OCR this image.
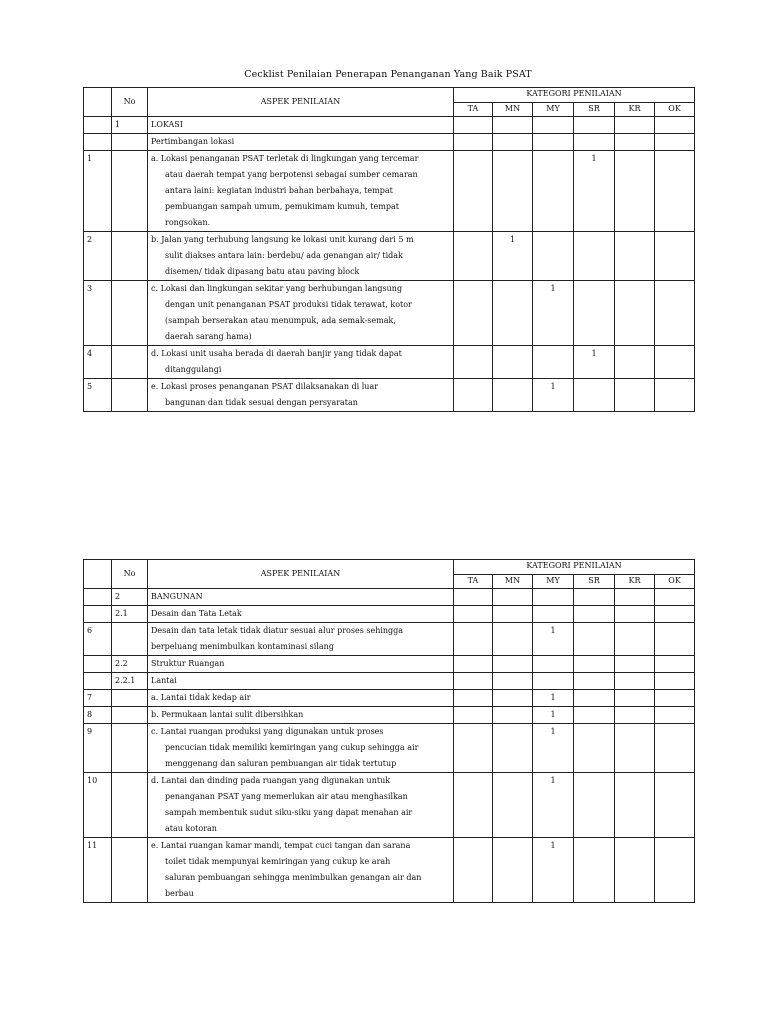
Cecklist Penilaian Penerapan Penanganan Yang Baik PSAT
	No	ASPEK PENILAIAN	KATEGORI PENILAIAN					
			TA	MN	MY	SR	KR	OK
	1	LOKASI						
		Pertimbangan lokasi						
1		a. Lokasi penanganan PSAT terletak di lingkungan yang tercemar
atau daerah tempat yang berpotensi sebagai sumber cemaran
antara laini: kegiatan industri bahan berbahaya, tempat
pembuangan sampah umum, pemukimam kumuh, tempat
rongsokan.				1		
2		b. Jalan yang terhubung langsung ke lokasi unit kurang dari 5 m
sulit diakses antara lain: berdebu/ ada genangan air/ tidak
disemen/ tidak dipasang batu atau paving block		1				
3		c. Lokasi dan lingkungan sekitar yang berhubungan langsung
dengan unit penanganan PSAT produksi tidak terawat, kotor
(sampah berserakan atau menumpuk, ada semak-semak,
daerah sarang hama)			1			
4		d. Lokasi unit usaha berada di daerah banjir yang tidak dapat
ditanggulangi				1		
5		e. Lokasi proses penanganan PSAT dilaksanakan di luar
bangunan dan tidak sesuai dengan persyaratan			1			
	No	ASPEK PENILAIAN	KATEGORI PENILAIAN					
			TA	MN	MY	SR	KR	OK
	2	BANGUNAN						
	2.1	Desain dan Tata Letak						
6		Desain dan tata letak tidak diatur sesuai alur proses sehingga
berpeluang menimbulkan kontaminasi silang			1			
	2.2	Struktur Ruangan						
	2.2.1	Lantai						
7		a. Lantai tidak kedap air			1			
8		b. Permukaan lantai sulit dibersihkan			1			
9		c. Lantai ruangan produksi yang digunakan untuk proses
pencucian tidak memiliki kemiringan yang cukup sehingga air
menggenang dan saluran pembuangan air tidak tertutup			1			
10		d. Lantai dan dinding pada ruangan yang digunakan untuk
penanganan PSAT yang memerlukan air atau menghasilkan
sampah membentuk sudut siku-siku yang dapat menahan air
atau kotoran			1			
11		e. Lantai ruangan kamar mandi, tempat cuci tangan dan sarana
toilet tidak mempunyai kemiringan yang cukup ke arah
saluran pembuangan sehingga menimbulkan genangan air dan
berbau			1			
